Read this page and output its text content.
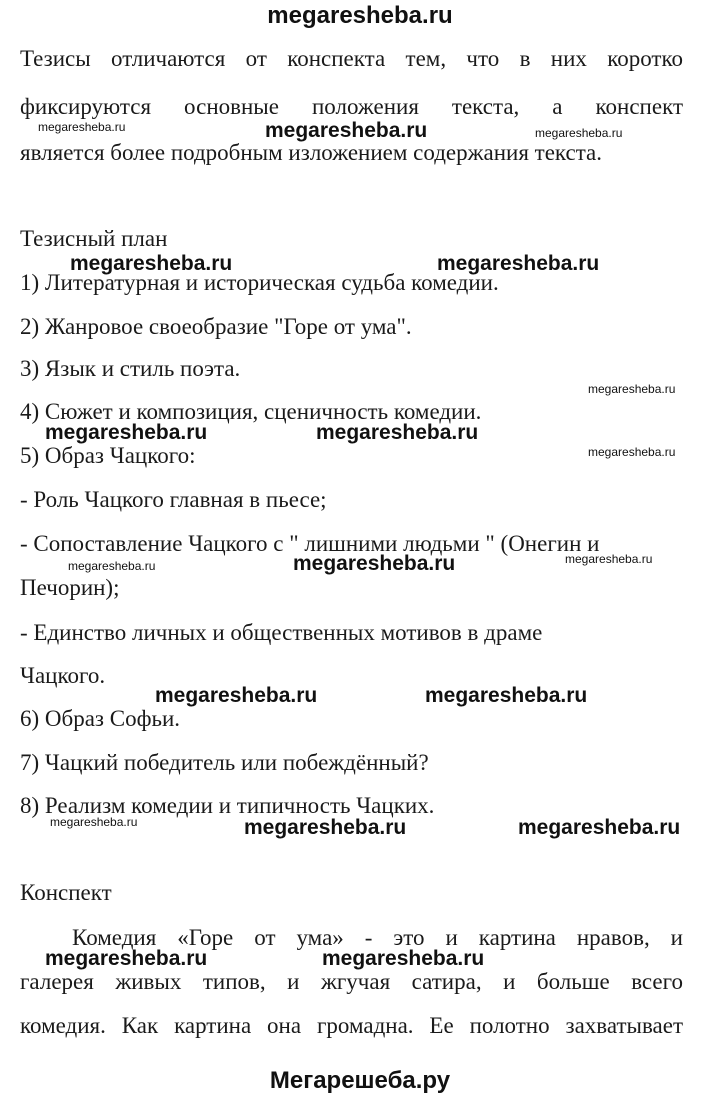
megaresheba.ru
Тезисы отличаются от конспекта тем, что в них коротко
фиксируются основные положения текста, а конспект
является более подробным изложением содержания текста.
Тезисный план
1) Литературная и историческая судьба комедии.
2) Жанровое своеобразие "Горе от ума".
3) Язык и стиль поэта.
4) Сюжет и композиция, сценичность комедии.
5) Образ Чацкого:
- Роль Чацкого главная в пьесе;
- Сопоставление Чацкого с " лишними людьми " (Онегин и
Печорин);
- Единство личных и общественных мотивов в драме
Чацкого.
6) Образ Софьи.
7) Чацкий победитель или побеждённый?
8) Реализм комедии и типичность Чацких.
Конспект
Комедия «Горе от ума» - это и картина нравов, и
галерея живых типов, и жгучая сатира, и больше всего
комедия. Как картина она громадна. Ее полотно захватывает
megaresheba.ru	megaresheba.ru	megaresheba.ru
megaresheba.ru	megaresheba.ru
megaresheba.ru
megaresheba.ru	megaresheba.ru
megaresheba.ru
megaresheba.ru	megaresheba.ru	megaresheba.ru
megaresheba.ru	megaresheba.ru
megaresheba.ru	megaresheba.ru	megaresheba.ru
megaresheba.ru	megaresheba.ru
Мегарешеба.ру
